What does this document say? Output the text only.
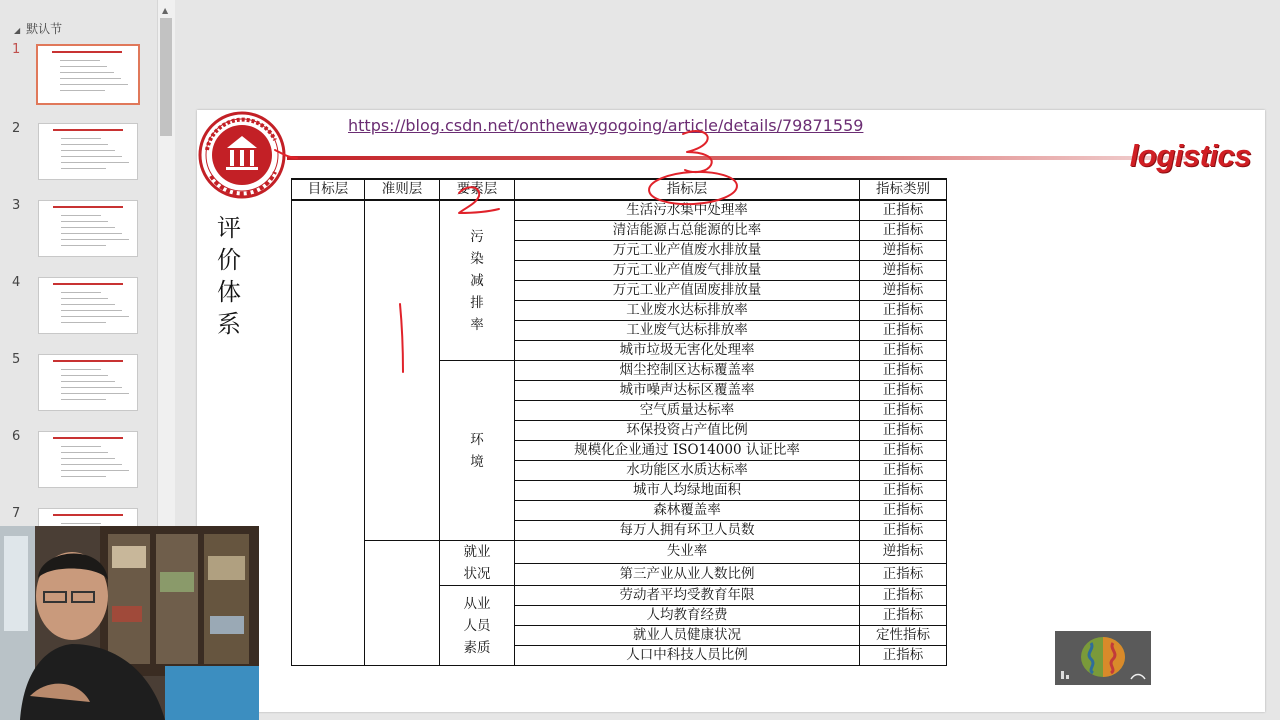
◢ 默认节
1
2
3
4
5
6
7
▲
https://blog.csdn.net/onthewaygogoing/article/details/79871559
logistics
评价体系
目标层	准则层	要素层	指标层	指标类别
		污染减排率	生活污水集中处理率	正指标
			清洁能源占总能源的比率	正指标
			万元工业产值废水排放量	逆指标
			万元工业产值废气排放量	逆指标
			万元工业产值固废排放量	逆指标
			工业废水达标排放率	正指标
			工业废气达标排放率	正指标
			城市垃圾无害化处理率	正指标
		环境	烟尘控制区达标覆盖率	正指标
			城市噪声达标区覆盖率	正指标
			空气质量达标率	正指标
			环保投资占产值比例	正指标
			规模化企业通过 ISO14000 认证比率	正指标
			水功能区水质达标率	正指标
			城市人均绿地面积	正指标
			森林覆盖率	正指标
			每万人拥有环卫人员数	正指标
		就业状况	失业率	逆指标
			第三产业从业人数比例	正指标
		从业人员素质	劳动者平均受教育年限	正指标
			人均教育经费	正指标
			就业人员健康状况	定性指标
			人口中科技人员比例	正指标
